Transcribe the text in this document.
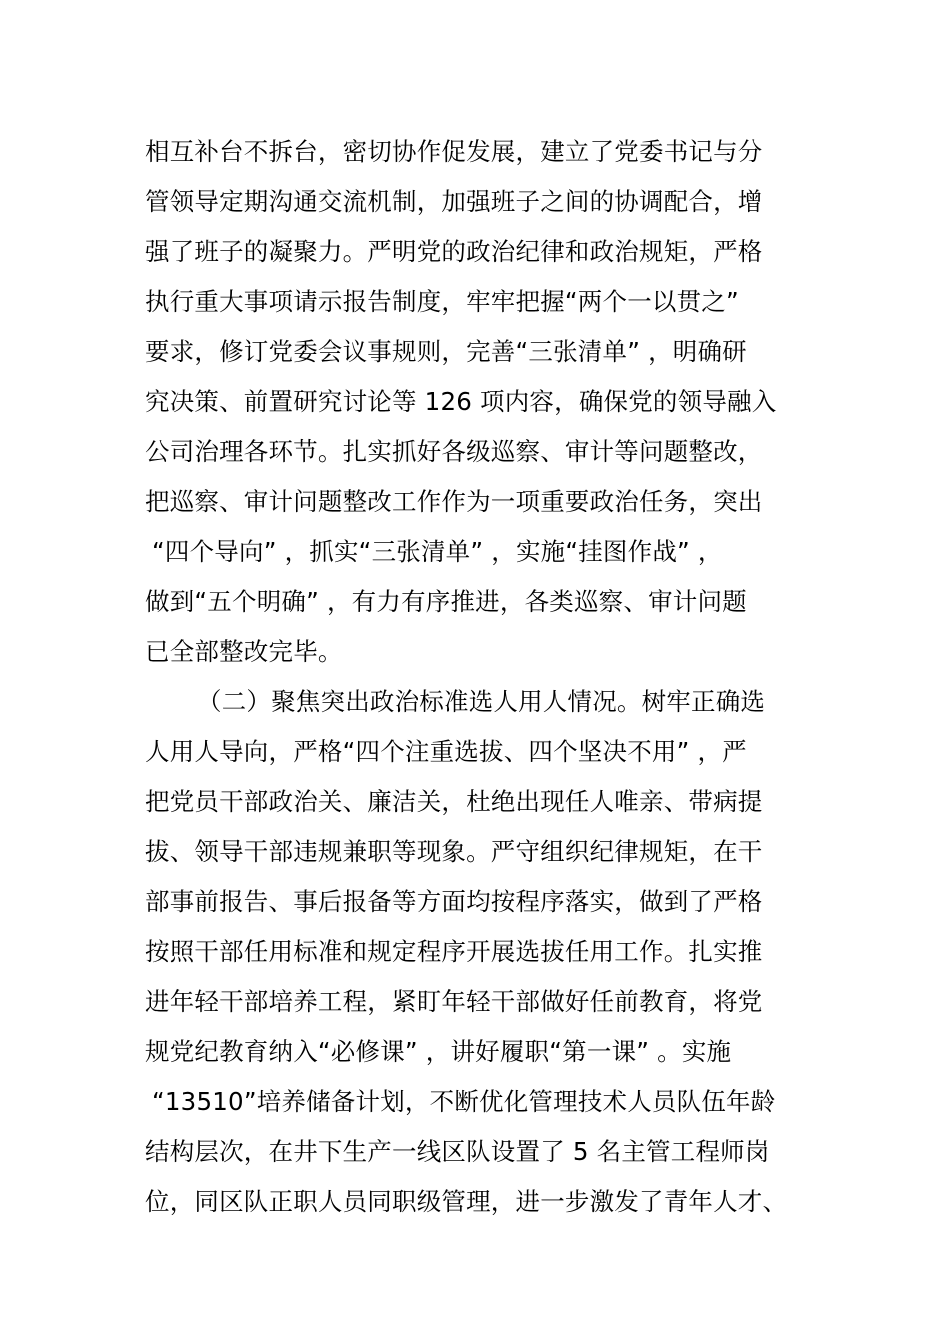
相互补台不拆台，密切协作促发展，建立了党委书记与分
管领导定期沟通交流机制，加强班子之间的协调配合，增
强了班子的凝聚力。严明党的政治纪律和政治规矩，严格
执行重大事项请示报告制度，牢牢把握“两个一以贯之”
要求，修订党委会议事规则，完善“三张清单” ，明确研
究决策、前置研究讨论等 126 项内容，确保党的领导融入
公司治理各环节。扎实抓好各级巡察、审计等问题整改，
把巡察、审计问题整改工作作为一项重要政治任务，突出
“四个导向” ，抓实“三张清单” ，实施“挂图作战” ，
做到“五个明确” ，有力有序推进，各类巡察、审计问题
已全部整改完毕。
（二）聚焦突出政治标准选人用人情况。树牢正确选
人用人导向，严格“四个注重选拔、四个坚决不用” ，严
把党员干部政治关、廉洁关，杜绝出现任人唯亲、带病提
拔、领导干部违规兼职等现象。严守组织纪律规矩，在干
部事前报告、事后报备等方面均按程序落实，做到了严格
按照干部任用标准和规定程序开展选拔任用工作。扎实推
进年轻干部培养工程，紧盯年轻干部做好任前教育，将党
规党纪教育纳入“必修课” ，讲好履职“第一课” 。实施
“13510”培养储备计划，不断优化管理技术人员队伍年龄
结构层次，在井下生产一线区队设置了 5 名主管工程师岗
位，同区队正职人员同职级管理，进一步激发了青年人才、
